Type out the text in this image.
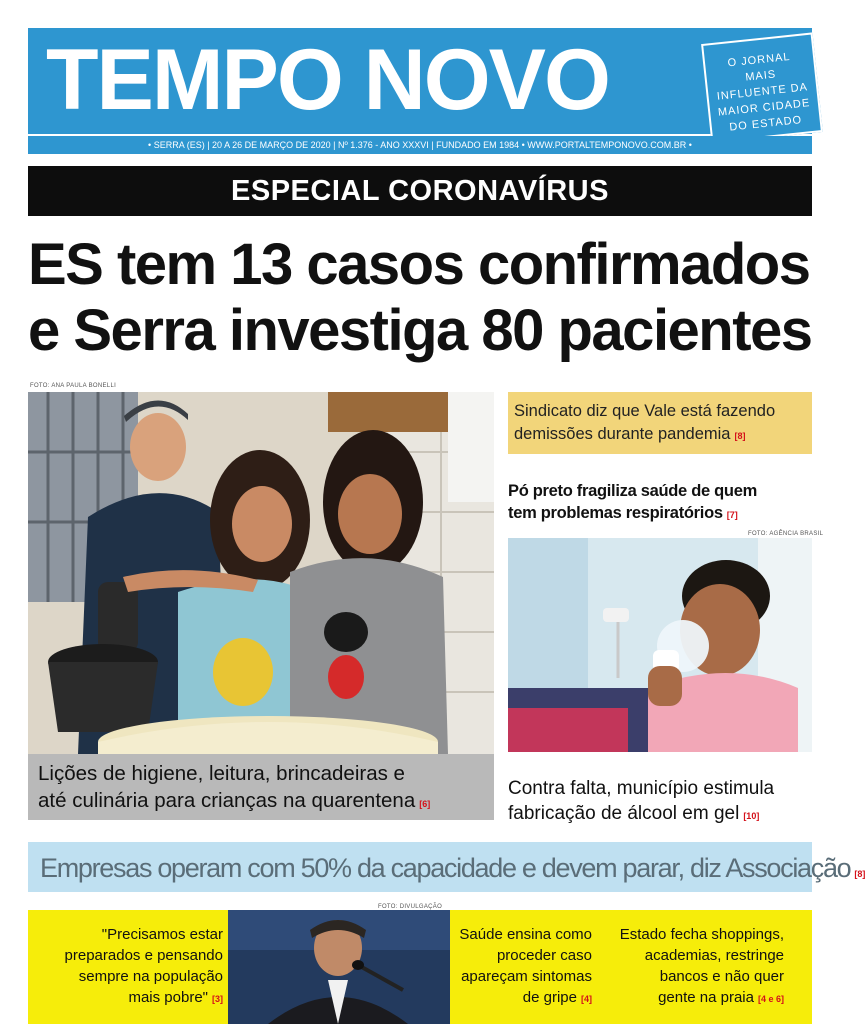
TEMPO NOVO	O JORNAL
MAIS
INFLUENTE DA
MAIOR CIDADE
DO ESTADO
• SERRA (ES) | 20 A 26 DE MARÇO DE 2020 | Nº 1.376 - ANO XXXVI | FUNDADO EM 1984 • WWW.PORTALTEMPONOVO.COM.BR •
ESPECIAL CORONAVÍRUS
ES tem 13 casos confirmados
e Serra investiga 80 pacientes
FOTO: ANA PAULA BONELLI
Lições de higiene, leitura, brincadeiras e
até culinária para crianças na quarentena [6]
Sindicato diz que Vale está fazendo
demissões durante pandemia [8]
Pó preto fragiliza saúde de quem
tem problemas respiratórios [7]
FOTO: AGÊNCIA BRASIL
Contra falta, município estimula
fabricação de álcool em gel [10]
Empresas operam com 50% da capacidade e devem parar, diz Associação [8]
"Precisamos estar
preparados e pensando
sempre na população
mais pobre" [3]
FOTO: DIVULGAÇÃO
Saúde ensina como
proceder caso
apareçam sintomas
de gripe [4]
Estado fecha shoppings,
academias, restringe
bancos e não quer
gente na praia [4 e 6]
